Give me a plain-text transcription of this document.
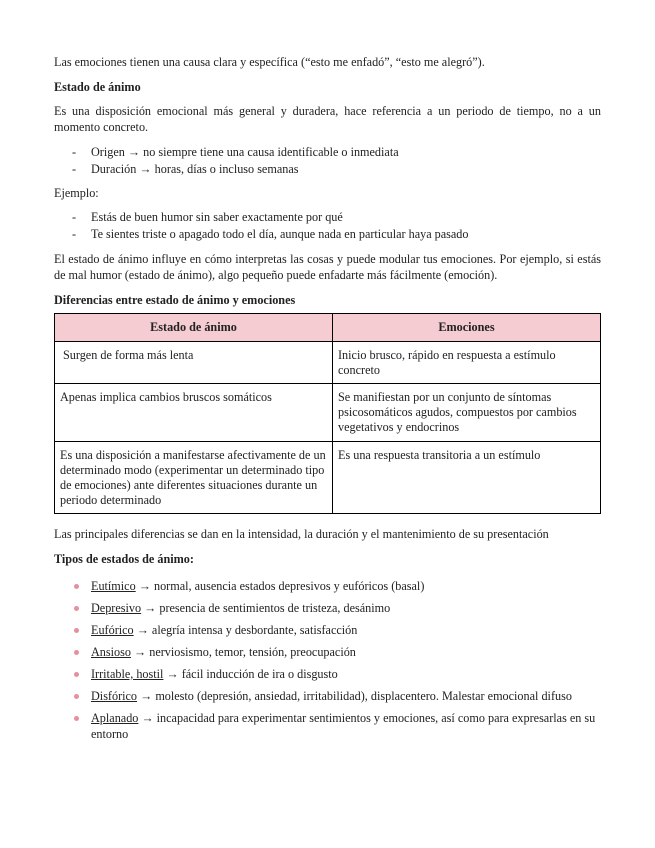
Las emociones tienen una causa clara y específica (“esto me enfadó”, “esto me alegró”).

Estado de ánimo

Es una disposición emocional más general y duradera, hace referencia a un periodo de tiempo, no a un momento concreto.

- Origen → no siempre tiene una causa identificable o inmediata
- Duración → horas, días o incluso semanas

Ejemplo:

- Estás de buen humor sin saber exactamente por qué
- Te sientes triste o apagado todo el día, aunque nada en particular haya pasado

El estado de ánimo influye en cómo interpretas las cosas y puede modular tus emociones. Por ejemplo, si estás de mal humor (estado de ánimo), algo pequeño puede enfadarte más fácilmente (emoción).

Diferencias entre estado de ánimo y emociones

Estado de ánimo	Emociones
Surgen de forma más lenta	Inicio brusco, rápido en respuesta a estímulo concreto
Apenas implica cambios bruscos somáticos	Se manifiestan por un conjunto de síntomas psicosomáticos agudos, compuestos por cambios vegetativos y endocrinos
Es una disposición a manifestarse afectivamente de un determinado modo (experimentar un determinado tipo de emociones) ante diferentes situaciones durante un periodo determinado	Es una respuesta transitoria a un estímulo

Las principales diferencias se dan en la intensidad, la duración y el mantenimiento de su presentación

Tipos de estados de ánimo:

Eutímico → normal, ausencia estados depresivos y eufóricos (basal)
Depresivo → presencia de sentimientos de tristeza, desánimo
Eufórico → alegría intensa y desbordante, satisfacción
Ansioso → nerviosismo, temor, tensión, preocupación
Irritable, hostil → fácil inducción de ira o disgusto
Disfórico → molesto (depresión, ansiedad, irritabilidad), displacentero. Malestar emocional difuso
Aplanado → incapacidad para experimentar sentimientos y emociones, así como para expresarlas en su entorno
